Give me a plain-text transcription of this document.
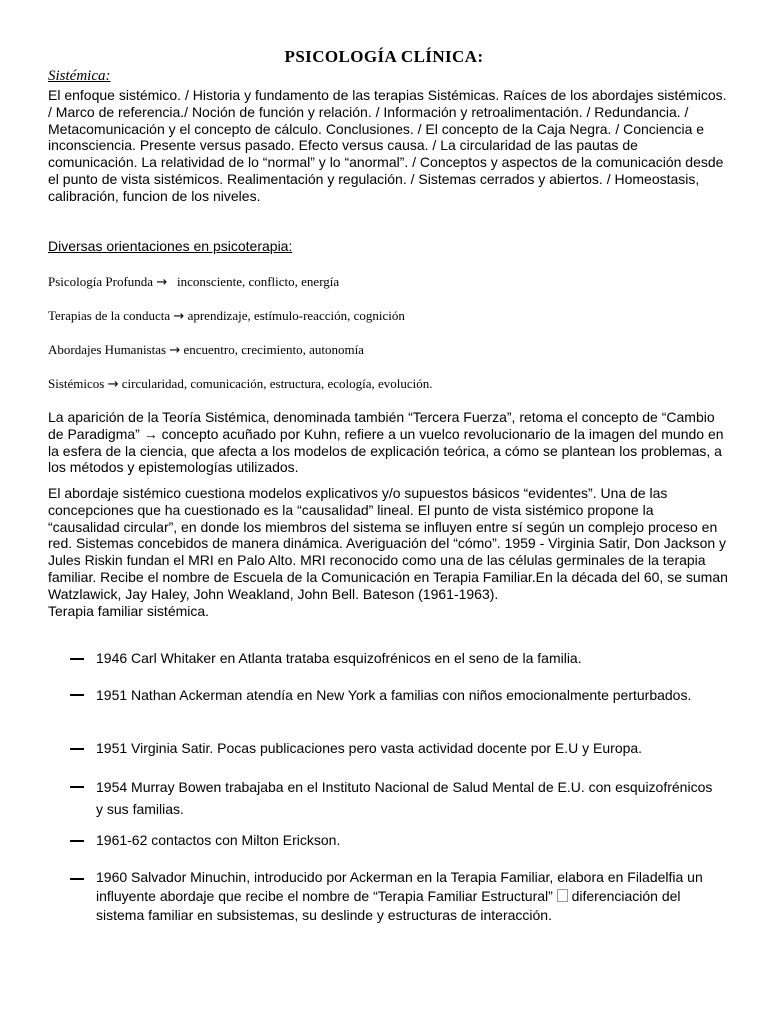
PSICOLOGÍA CLÍNICA:
Sistémica:
El enfoque sistémico. / Historia y fundamento de las terapias Sistémicas. Raíces de los abordajes sistémicos. / Marco de referencia./ Noción de función y relación. / Información y retroalimentación. / Redundancia. / Metacomunicación y el concepto de cálculo. Conclusiones. / El concepto de la Caja Negra. / Conciencia e inconsciencia. Presente versus pasado. Efecto versus causa. / La circularidad de las pautas de comunicación. La relatividad de lo “normal” y lo “anormal”. / Conceptos y aspectos de la comunicación desde el punto de vista sistémicos. Realimentación y regulación. / Sistemas cerrados y abiertos. / Homeostasis, calibración, funcion de los niveles.
Diversas orientaciones en psicoterapia:
Psicología Profunda → inconsciente, conflicto, energía
Terapias de la conducta → aprendizaje, estímulo-reacción, cognición
Abordajes Humanistas → encuentro, crecimiento, autonomía
Sistémicos → circularidad, comunicación, estructura, ecología, evolución.
La aparición de la Teoría Sistémica, denominada también “Tercera Fuerza”, retoma el concepto de “Cambio de Paradigma” → concepto acuñado por Kuhn, refiere a un vuelco revolucionario de la imagen del mundo en la esfera de la ciencia, que afecta a los modelos de explicación teórica, a cómo se plantean los problemas, a los métodos y epistemologías utilizados.
El abordaje sistémico cuestiona modelos explicativos y/o supuestos básicos “evidentes”. Una de las concepciones que ha cuestionado es la “causalidad” lineal. El punto de vista sistémico propone la “causalidad circular”, en donde los miembros del sistema se influyen entre sí según un complejo proceso en red. Sistemas concebidos de manera dinámica. Averiguación del “cómo”. 1959 - Virginia Satir, Don Jackson y Jules Riskin fundan el MRI en Palo Alto. MRI reconocido como una de las células germinales de la terapia familiar. Recibe el nombre de Escuela de la Comunicación en Terapia Familiar.En la década del 60, se suman Watzlawick, Jay Haley, John Weakland, John Bell. Bateson (1961-1963).
Terapia familiar sistémica.
1946 Carl Whitaker en Atlanta trataba esquizofrénicos en el seno de la familia.
1951 Nathan Ackerman atendía en New York a familias con niños emocionalmente perturbados.
1951 Virginia Satir. Pocas publicaciones pero vasta actividad docente por E.U y Europa.
1954 Murray Bowen trabajaba en el Instituto Nacional de Salud Mental de E.U. con esquizofrénicos y sus familias.
1961-62 contactos con Milton Erickson.
1960 Salvador Minuchin, introducido por Ackerman en la Terapia Familiar, elabora en Filadelfia un influyente abordaje que recibe el nombre de “Terapia Familiar Estructural” diferenciación del sistema familiar en subsistemas, su deslinde y estructuras de interacción.
